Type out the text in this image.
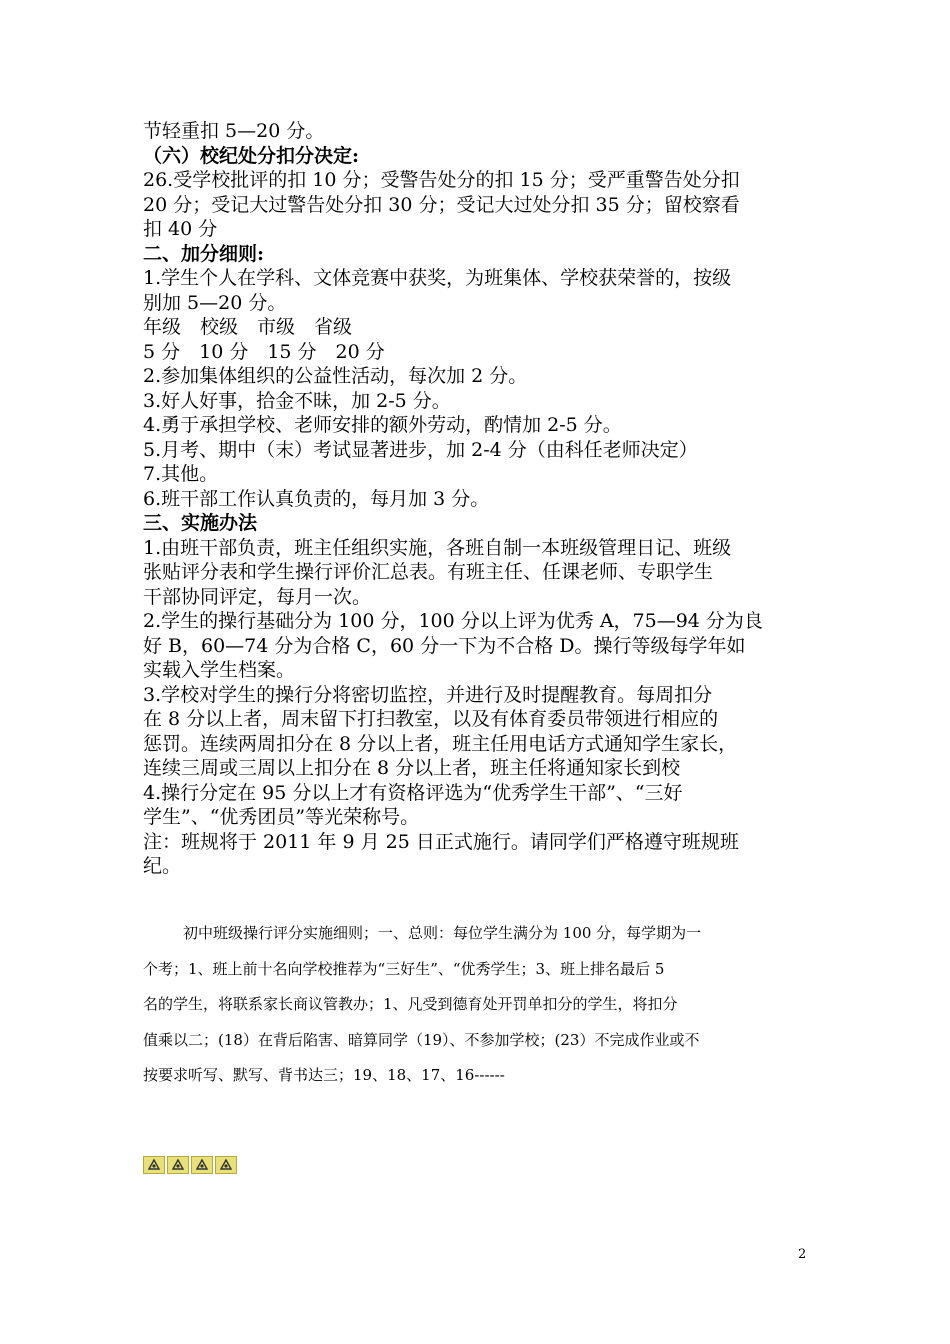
节轻重扣 5—20 分。

（六）校纪处分扣分决定:

26.受学校批评的扣 10 分；受警告处分的扣 15 分；受严重警告处分扣

20 分；受记大过警告处分扣 30 分；受记大过处分扣 35 分；留校察看

扣 40 分

二、加分细则:

1.学生个人在学科、文体竞赛中获奖，为班集体、学校获荣誉的，按级

别加 5—20 分。

年级　校级　市级　省级

5 分　10 分　15 分　20 分

2.参加集体组织的公益性活动，每次加 2 分。

3.好人好事，拾金不昧，加 2-5 分。

4.勇于承担学校、老师安排的额外劳动，酌情加 2-5 分。

5.月考、期中（末）考试显著进步，加 2-4 分（由科任老师决定）

7.其他。

6.班干部工作认真负责的，每月加 3 分。

三、实施办法

1.由班干部负责，班主任组织实施，各班自制一本班级管理日记、班级

张贴评分表和学生操行评价汇总表。有班主任、任课老师、专职学生

干部协同评定，每月一次。

2.学生的操行基础分为 100 分，100 分以上评为优秀 A，75—94 分为良

好 B，60—74 分为合格 C，60 分一下为不合格 D。操行等级每学年如

实载入学生档案。

3.学校对学生的操行分将密切监控，并进行及时提醒教育。每周扣分

在 8 分以上者，周末留下打扫教室，以及有体育委员带领进行相应的

惩罚。连续两周扣分在 8 分以上者，班主任用电话方式通知学生家长，

连续三周或三周以上扣分在 8 分以上者，班主任将通知家长到校

4.操行分定在 95 分以上才有资格评选为“优秀学生干部”、“三好

学生”、“优秀团员”等光荣称号。

注：班规将于 2011 年 9 月 25 日正式施行。请同学们严格遵守班规班

纪。

初中班级操行评分实施细则；一、总则：每位学生满分为 100 分，每学期为一

个考；1、班上前十名向学校推荐为“三好生”、“优秀学生；3、班上排名最后 5

名的学生，将联系家长商议管教办；1、凡受到德育处开罚单扣分的学生，将扣分

值乘以二；(18）在背后陷害、暗算同学（19）、不参加学校；(23）不完成作业或不

按要求听写、默写、背书达三；19、18、17、16------

2
